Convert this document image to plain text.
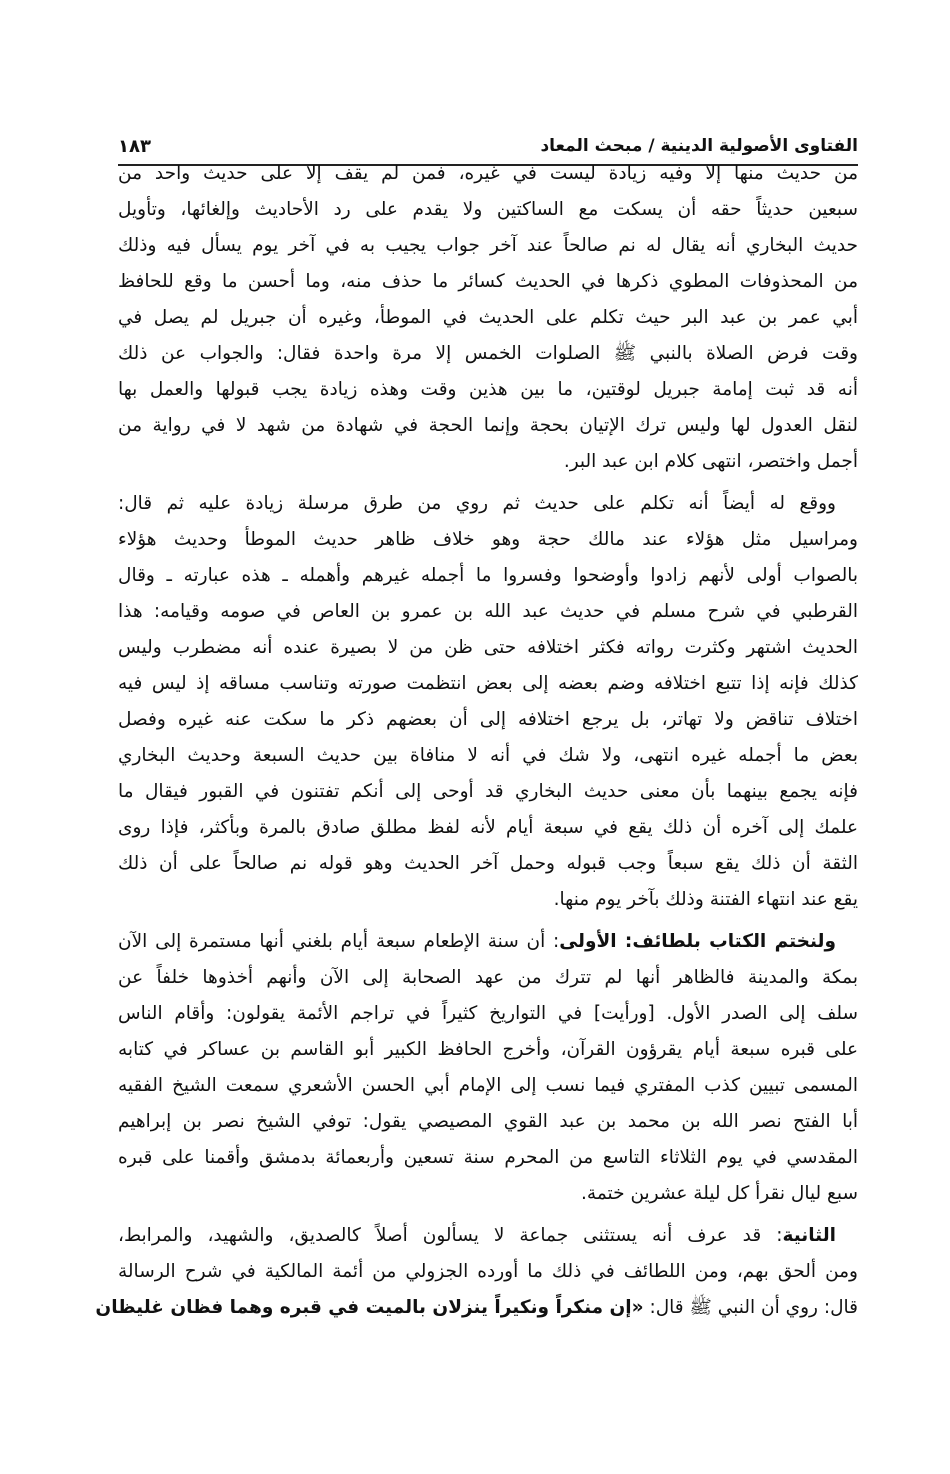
الفتاوى الأصولية الدينية / مبحث المعاد
١٨٣
من حديث منها إلا وفيه زيادة ليست في غيره، فمن لم يقف إلا على حديث واحد من
سبعين حديثاً حقه أن يسكت مع الساكتين ولا يقدم على رد الأحاديث وإلغائها، وتأويل
حديث البخاري أنه يقال له نم صالحاً عند آخر جواب يجيب به في آخر يوم يسأل فيه وذلك
من المحذوفات المطوي ذكرها في الحديث كسائر ما حذف منه، وما أحسن ما وقع للحافظ
أبي عمر بن عبد البر حيث تكلم على الحديث في الموطأ، وغيره أن جبريل لم يصل في
وقت فرض الصلاة بالنبي ﷺ الصلوات الخمس إلا مرة واحدة فقال: والجواب عن ذلك
أنه قد ثبت إمامة جبريل لوقتين، ما بين هذين وقت وهذه زيادة يجب قبولها والعمل بها
لنقل العدول لها وليس ترك الإتيان بحجة وإنما الحجة في شهادة من شهد لا في رواية من
أجمل واختصر، انتهى كلام ابن عبد البر.
ووقع له أيضاً أنه تكلم على حديث ثم روي من طرق مرسلة زيادة عليه ثم قال:
ومراسيل مثل هؤلاء عند مالك حجة وهو خلاف ظاهر حديث الموطأ وحديث هؤلاء
بالصواب أولى لأنهم زادوا وأوضحوا وفسروا ما أجمله غيرهم وأهمله ـ هذه عبارته ـ وقال
القرطبي في شرح مسلم في حديث عبد الله بن عمرو بن العاص في صومه وقيامه: هذا
الحديث اشتهر وكثرت رواته فكثر اختلافه حتى ظن من لا بصيرة عنده أنه مضطرب وليس
كذلك فإنه إذا تتبع اختلافه وضم بعضه إلى بعض انتظمت صورته وتناسب مساقه إذ ليس فيه
اختلاف تناقض ولا تهاتر، بل يرجع اختلافه إلى أن بعضهم ذكر ما سكت عنه غيره وفصل
بعض ما أجمله غيره انتهى، ولا شك في أنه لا منافاة بين حديث السبعة وحديث البخاري
فإنه يجمع بينهما بأن معنى حديث البخاري قد أوحى إلى أنكم تفتنون في القبور فيقال ما
علمك إلى آخره أن ذلك يقع في سبعة أيام لأنه لفظ مطلق صادق بالمرة وبأكثر، فإذا روى
الثقة أن ذلك يقع سبعاً وجب قبوله وحمل آخر الحديث وهو قوله نم صالحاً على أن ذلك
يقع عند انتهاء الفتنة وذلك بآخر يوم منها.
ولنختم الكتاب بلطائف: الأولى: أن سنة الإطعام سبعة أيام بلغني أنها مستمرة إلى الآن
بمكة والمدينة فالظاهر أنها لم تترك من عهد الصحابة إلى الآن وأنهم أخذوها خلفاً عن
سلف إلى الصدر الأول. [ورأيت] في التواريخ كثيراً في تراجم الأئمة يقولون: وأقام الناس
على قبره سبعة أيام يقرؤون القرآن، وأخرج الحافظ الكبير أبو القاسم بن عساكر في كتابه
المسمى تبيين كذب المفتري فيما نسب إلى الإمام أبي الحسن الأشعري سمعت الشيخ الفقيه
أبا الفتح نصر الله بن محمد بن عبد القوي المصيصي يقول: توفي الشيخ نصر بن إبراهيم
المقدسي في يوم الثلاثاء التاسع من المحرم سنة تسعين وأربعمائة بدمشق وأقمنا على قبره
سبع ليال نقرأ كل ليلة عشرين ختمة.
الثانية: قد عرف أنه يستثنى جماعة لا يسألون أصلاً كالصديق، والشهيد، والمرابط،
ومن ألحق بهم، ومن اللطائف في ذلك ما أورده الجزولي من أئمة المالكية في شرح الرسالة
قال: روي أن النبي ﷺ قال: «إن منكراً ونكيراً ينزلان بالميت في قبره وهما فظان غليظان
